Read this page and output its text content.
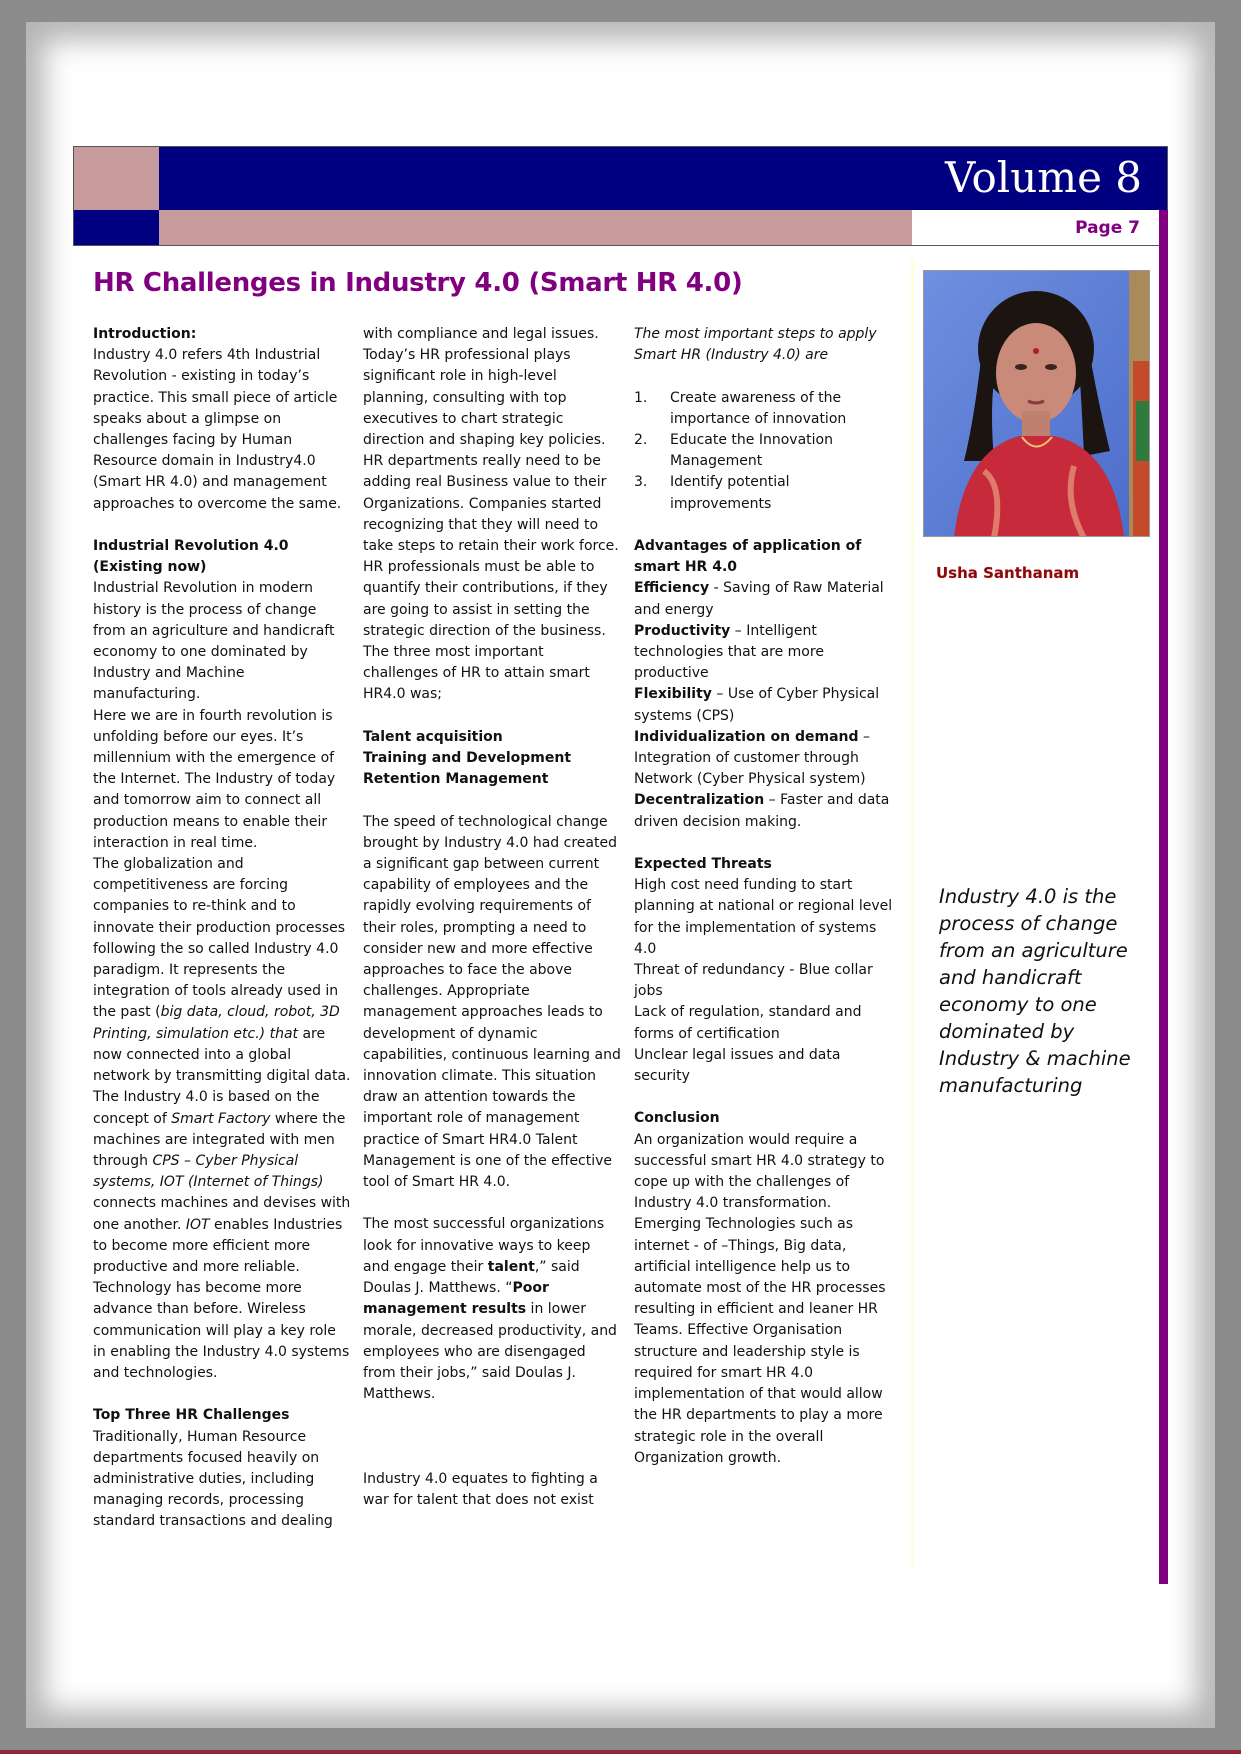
Volume 8
Page 7
HR Challenges in Industry 4.0 (Smart HR 4.0)

Introduction:

Industry 4.0 refers 4th Industrial Revolution - existing in today’s practice. This small piece of article speaks about a glimpse on challenges facing by Human Resource domain in Industry4.0 (Smart HR 4.0) and management approaches to overcome the same.

Industrial Revolution 4.0 (Existing now)

Industrial Revolution in modern history is the process of change from an agriculture and handicraft economy to one dominated by Industry and Machine manufacturing.

Here we are in fourth revolution is unfolding before our eyes. It’s millennium with the emergence of the Internet. The Industry of today and tomorrow aim to connect all production means to enable their interaction in real time.

The globalization and competitiveness are forcing companies to re-think and to innovate their production processes following the so called Industry 4.0 paradigm. It represents the integration of tools already used in the past (big data, cloud, robot, 3D Printing, simulation etc.) that are now connected into a global network by transmitting digital data.

The Industry 4.0 is based on the concept of Smart Factory where the machines are integrated with men through CPS – Cyber Physical systems, IOT (Internet of Things) connects machines and devises with one another. IOT enables Industries to become more efficient more productive and more reliable. Technology has become more advance than before. Wireless communication will play a key role in enabling the Industry 4.0 systems and technologies.

Top Three HR Challenges

Traditionally, Human Resource departments focused heavily on administrative duties, including managing records, processing standard transactions and dealing

with compliance and legal issues. Today’s HR professional plays significant role in high-level planning, consulting with top executives to chart strategic direction and shaping key policies. HR departments really need to be adding real Business value to their Organizations. Companies started recognizing that they will need to take steps to retain their work force. HR professionals must be able to quantify their contributions, if they are going to assist in setting the strategic direction of the business. The three most important challenges of HR to attain smart HR4.0 was;

Talent acquisition

Training and Development

Retention Management

The speed of technological change brought by Industry 4.0 had created a significant gap between current capability of employees and the rapidly evolving requirements of their roles, prompting a need to consider new and more effective approaches to face the above challenges. Appropriate management approaches leads to development of dynamic capabilities, continuous learning and innovation climate. This situation draw an attention towards the important role of management practice of Smart HR4.0 Talent Management is one of the effective tool of Smart HR 4.0.

The most successful organizations look for innovative ways to keep and engage their talent,” said Doulas J. Matthews. “Poor management results in lower morale, decreased productivity, and employees who are disengaged from their jobs,” said Doulas J. Matthews.

Industry 4.0 equates to fighting a war for talent that does not exist

The most important steps to apply Smart HR (Industry 4.0) are

1. Create awareness of the importance of innovation
2. Educate the Innovation Management
3. Identify potential improvements

Advantages of application of smart HR 4.0

Efficiency - Saving of Raw Material and energy

Productivity – Intelligent technologies that are more productive

Flexibility – Use of Cyber Physical systems (CPS)

Individualization on demand – Integration of customer through Network (Cyber Physical system)

Decentralization – Faster and data driven decision making.

Expected Threats

High cost need funding to start planning at national or regional level for the implementation of systems 4.0

Threat of redundancy - Blue collar jobs

Lack of regulation, standard and forms of certification

Unclear legal issues and data security

Conclusion

An organization would require a successful smart HR 4.0 strategy to cope up with the challenges of Industry 4.0 transformation. Emerging Technologies such as internet - of –Things, Big data, artificial intelligence help us to automate most of the HR processes resulting in efficient and leaner HR Teams. Effective Organisation structure and leadership style is required for smart HR 4.0 implementation of that would allow the HR departments to play a more strategic role in the overall Organization growth.

Usha Santhanam
Industry 4.0 is the process of change from an agriculture and handicraft economy to one dominated by Industry & machine manufacturing
